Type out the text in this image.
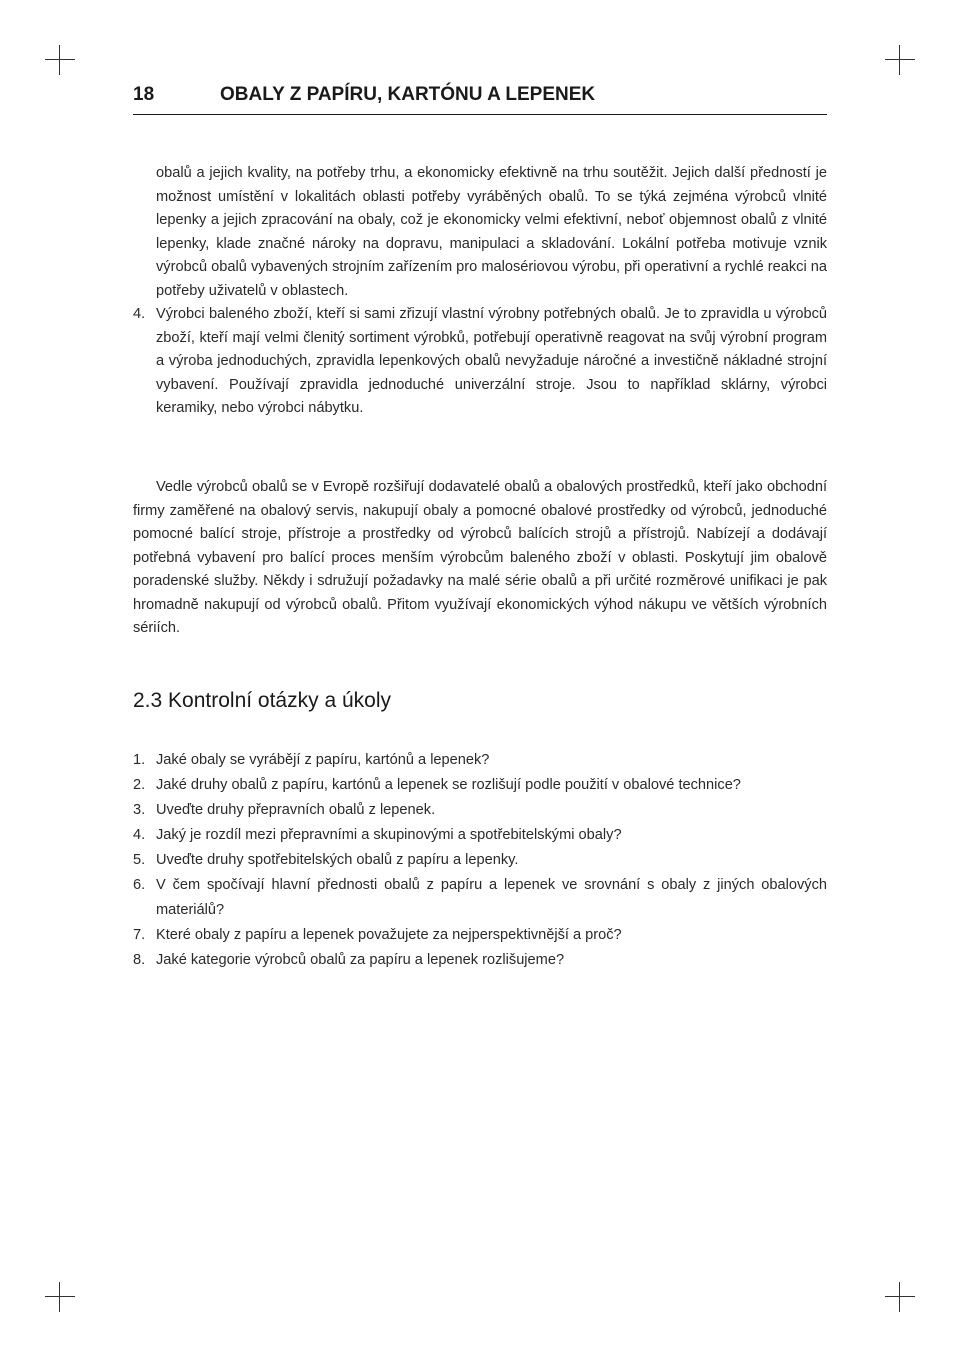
18	OBALY Z PAPÍRU, KARTÓNU A LEPENEK

obalů a jejich kvality, na potřeby trhu, a ekonomicky efektivně na trhu soutěžit. Jejich další předností je možnost umístění v lokalitách oblasti potřeby vyráběných obalů. To se týká zejména výrobců vlnité lepenky a jejich zpracování na obaly, což je ekonomicky velmi efektivní, neboť objemnost obalů z vlnité lepenky, klade značné nároky na dopravu, manipulaci a skladování. Lokální potřeba motivuje vznik výrobců obalů vybavených strojním zařízením pro malosériovou výrobu, při operativní a rychlé reakci na potřeby uživatelů v oblastech.

4. Výrobci baleného zboží, kteří si sami zřizují vlastní výrobny potřebných obalů. Je to zpravidla u výrobců zboží, kteří mají velmi členitý sortiment výrobků, potřebují operativně reagovat na svůj výrobní program a výroba jednoduchých, zpravidla lepenkových obalů nevyžaduje náročné a investičně nákladné strojní vybavení. Používají zpravidla jednoduché univerzální stroje. Jsou to například sklárny, výrobci keramiky, nebo výrobci nábytku.

Vedle výrobců obalů se v Evropě rozšiřují dodavatelé obalů a obalových prostředků, kteří jako obchodní firmy zaměřené na obalový servis, nakupují obaly a pomocné obalové prostředky od výrobců, jednoduché pomocné balící stroje, přístroje a prostředky od výrobců balících strojů a přístrojů. Nabízejí a dodávají potřebná vybavení pro balící proces menším výrobcům baleného zboží v oblasti. Poskytují jim obalově poradenské služby. Někdy i sdružují požadavky na malé série obalů a při určité rozměrové unifikaci je pak hromadně nakupují od výrobců obalů. Přitom využívají ekonomických výhod nákupu ve větších výrobních sériích.

2.3 Kontrolní otázky a úkoly
1. Jaké obaly se vyrábějí z papíru, kartónů a lepenek?
2. Jaké druhy obalů z papíru, kartónů a lepenek se rozlišují podle použití v obalové technice?
3. Uveďte druhy přepravních obalů z lepenek.
4. Jaký je rozdíl mezi přepravními a skupinovými a spotřebitelskými obaly?
5. Uveďte druhy spotřebitelských obalů z papíru a lepenky.
6. V čem spočívají hlavní přednosti obalů z papíru a lepenek ve srovnání s obaly z jiných obalových materiálů?
7. Které obaly z papíru a lepenek považujete za nejperspektivnější a proč?
8. Jaké kategorie výrobců obalů za papíru a lepenek rozlišujeme?
